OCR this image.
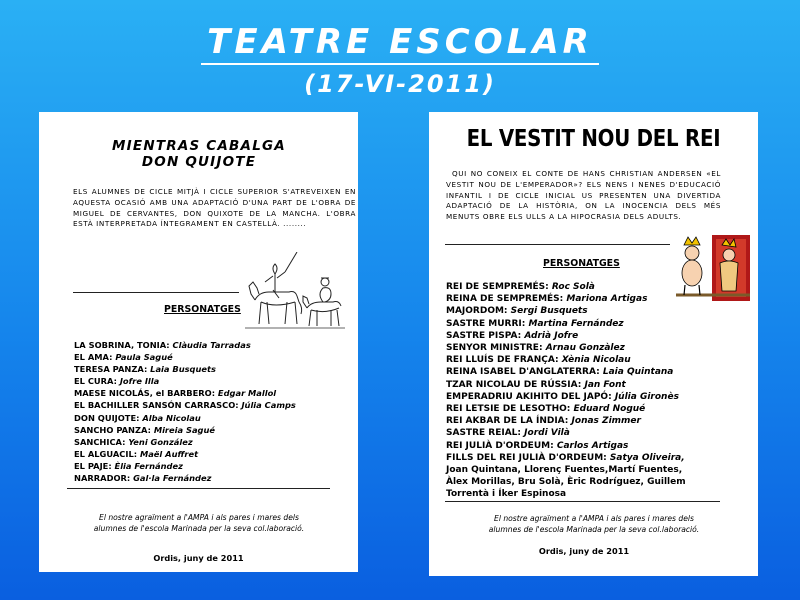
TEATRE ESCOLAR
(17-VI-2011)
MIENTRAS CABALGA
DON QUIJOTE
ELS ALUMNES DE CICLE MITJÀ I CICLE SUPERIOR S'ATREVEIXEN EN AQUESTA OCASIÓ AMB UNA ADAPTACIÓ D'UNA PART DE L'OBRA DE MIGUEL DE CERVANTES, DON QUIXOTE DE LA MANCHA. L'OBRA ESTÀ INTERPRETADA ÍNTEGRAMENT EN CASTELLÀ. ........
PERSONATGES
LA SOBRINA, TONIA: Clàudia Tarradas
EL AMA: Paula Sagué
TERESA PANZA: Laia Busquets
EL CURA: Jofre Illa
MAESE NICOLÁS, el BARBERO: Edgar Mallol
EL BACHILLER SANSÓN CARRASCO: Júlia Camps
DON QUIJOTE: Alba Nicolau
SANCHO PANZA: Mireia Sagué
SANCHICA: Yeni González
EL ALGUACIL: Maël Auffret
EL PAJE: Èlia Fernández
NARRADOR: Gal·la Fernández
El nostre agraïment a l'AMPA i als pares i mares dels
alumnes de l'escola Marinada per la seva col.laboració.
Ordis, juny de 2011
EL VESTIT NOU DEL REI
QUI NO CONEIX EL CONTE DE HANS CHRISTIAN ANDERSEN «EL VESTIT NOU DE L'EMPERADOR»? ELS NENS I NENES D'EDUCACIÓ INFANTIL I DE CICLE INICIAL US PRESENTEN UNA DIVERTIDA ADAPTACIÓ DE LA HISTÒRIA, ON LA INOCENCIA DELS MÉS MENUTS OBRE ELS ULLS A LA HIPOCRASIA DELS ADULTS.
PERSONATGES
REI DE SEMPREMÉS: Roc Solà
REINA DE SEMPREMÉS: Mariona Artigas
MAJORDOM: Sergi Busquets
SASTRE MURRI: Martina Fernández
SASTRE PISPA: Adrià Jofre
SENYOR MINISTRE: Arnau Gonzàlez
REI LLUÍS DE FRANÇA: Xènia Nicolau
REINA ISABEL D'ANGLATERRA: Laia Quintana
TZAR NICOLAU DE RÚSSIA: Jan Font
EMPERADRIU AKIHITO DEL JAPÓ: Júlia Gironès
REI LETSIE DE LESOTHO: Eduard Nogué
REI AKBAR DE LA ÍNDIA: Jonas Zimmer
SASTRE REIAL: Jordi Vilà
REI JULIÀ D'ORDEUM: Carlos Artigas
FILLS DEL REI JULIÀ D'ORDEUM: Satya Oliveira,
Joan Quintana, Llorenç Fuentes,Martí Fuentes,
Àlex Morillas, Bru Solà, Èric Rodríguez, Guillem
Torrentà i Íker Espinosa
El nostre agraïment a l'AMPA i als pares i mares dels
alumnes de l'escola Marinada per la seva col.laboració.
Ordis, juny de 2011
